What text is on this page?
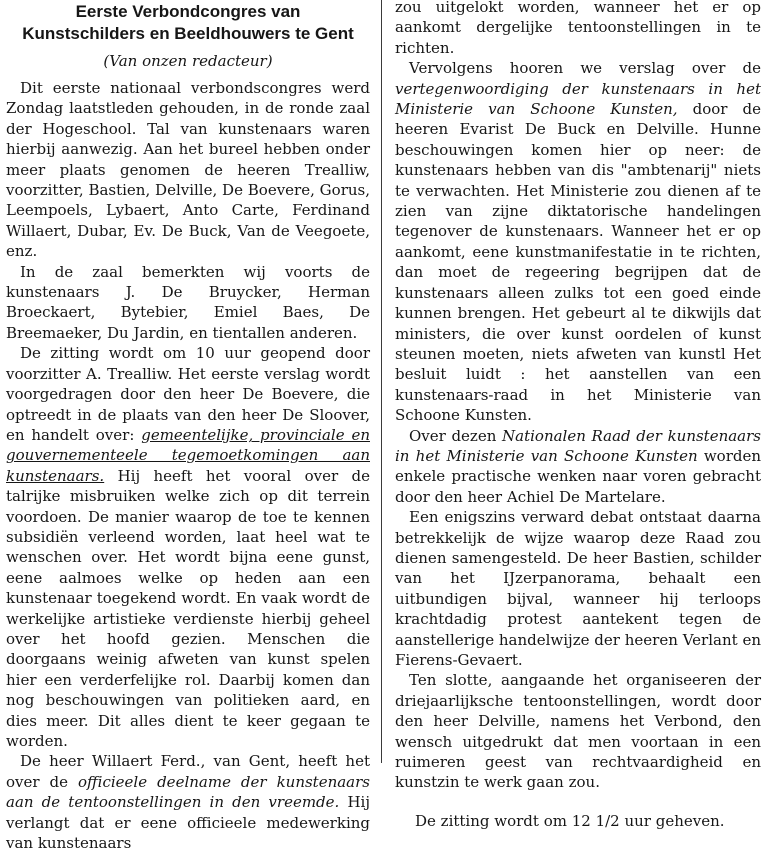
Eerste Verbondcongres van
Kunstschilders en Beeldhouwers te Gent
(Van onzen redacteur)

Dit eerste nationaal verbondscongres werd Zondag laatstleden gehouden, in de ronde zaal der Hogeschool. Tal van kunstenaars waren hierbij aanwezig. Aan het bureel hebben onder meer plaats genomen de heeren Trealliw, voorzitter, Bastien, Delville, De Boevere, Gorus, Leempoels, Lybaert, Anto Carte, Ferdinand Willaert, Dubar, Ev. De Buck, Van de Veegoete, enz.

In de zaal bemerkten wij voorts de kunstenaars J. De Bruycker, Herman Broeckaert, Bytebier, Emiel Baes, De Breemaeker, Du Jardin, en tientallen anderen.

De zitting wordt om 10 uur geopend door voorzitter A. Trealliw. Het eerste verslag wordt voorgedragen door den heer De Boevere, die optreedt in de plaats van den heer De Sloover, en handelt over: gemeentelijke, provinciale en gouvernementeele tegemoetkomingen aan kunstenaars. Hij heeft het vooral over de talrijke misbruiken welke zich op dit terrein voordoen. De manier waarop de toe te kennen subsidiën verleend worden, laat heel wat te wenschen over. Het wordt bijna eene gunst, eene aalmoes welke op heden aan een kunstenaar toegekend wordt. En vaak wordt de werkelijke artistieke verdienste hierbij geheel over het hoofd gezien. Menschen die doorgaans weinig afweten van kunst spelen hier een verderfelijke rol. Daarbij komen dan nog beschouwingen van politieken aard, en dies meer. Dit alles dient te keer gegaan te worden.

De heer Willaert Ferd., van Gent, heeft het over de officieele deelname der kunstenaars aan de tentoonstellingen in den vreemde. Hij verlangt dat er eene officieele medewerking van kunstenaars

zou uitgelokt worden, wanneer het er op aankomt dergelijke tentoonstellingen in te richten.

Vervolgens hooren we verslag over de vertegenwoordiging der kunstenaars in het Ministerie van Schoone Kunsten, door de heeren Evarist De Buck en Delville. Hunne beschouwingen komen hier op neer: de kunstenaars hebben van dis "ambtenarij" niets te verwachten. Het Ministerie zou dienen af te zien van zijne diktatorische handelingen tegenover de kunstenaars. Wanneer het er op aankomt, eene kunstmanifestatie in te richten, dan moet de regeering begrijpen dat de kunstenaars alleen zulks tot een goed einde kunnen brengen. Het gebeurt al te dikwijls dat ministers, die over kunst oordelen of kunst steunen moeten, niets afweten van kunstl Het besluit luidt : het aanstellen van een kunstenaars-raad in het Ministerie van Schoone Kunsten.

Over dezen Nationalen Raad der kunstenaars in het Ministerie van Schoone Kunsten worden enkele practische wenken naar voren gebracht door den heer Achiel De Martelare.

Een enigszins verward debat ontstaat daarna betrekkelijk de wijze waarop deze Raad zou dienen samengesteld. De heer Bastien, schilder van het IJzerpanorama, behaalt een uitbundigen bijval, wanneer hij terloops krachtdadig protest aantekent tegen de aanstellerige handelwijze der heeren Verlant en Fierens-Gevaert.

Ten slotte, aangaande het organiseeren der driejaarlijksche tentoonstellingen, wordt door den heer Delville, namens het Verbond, den wensch uitgedrukt dat men voortaan in een ruimeren geest van rechtvaardigheid en kunstzin te werk gaan zou.

De zitting wordt om 12 1/2 uur geheven.
